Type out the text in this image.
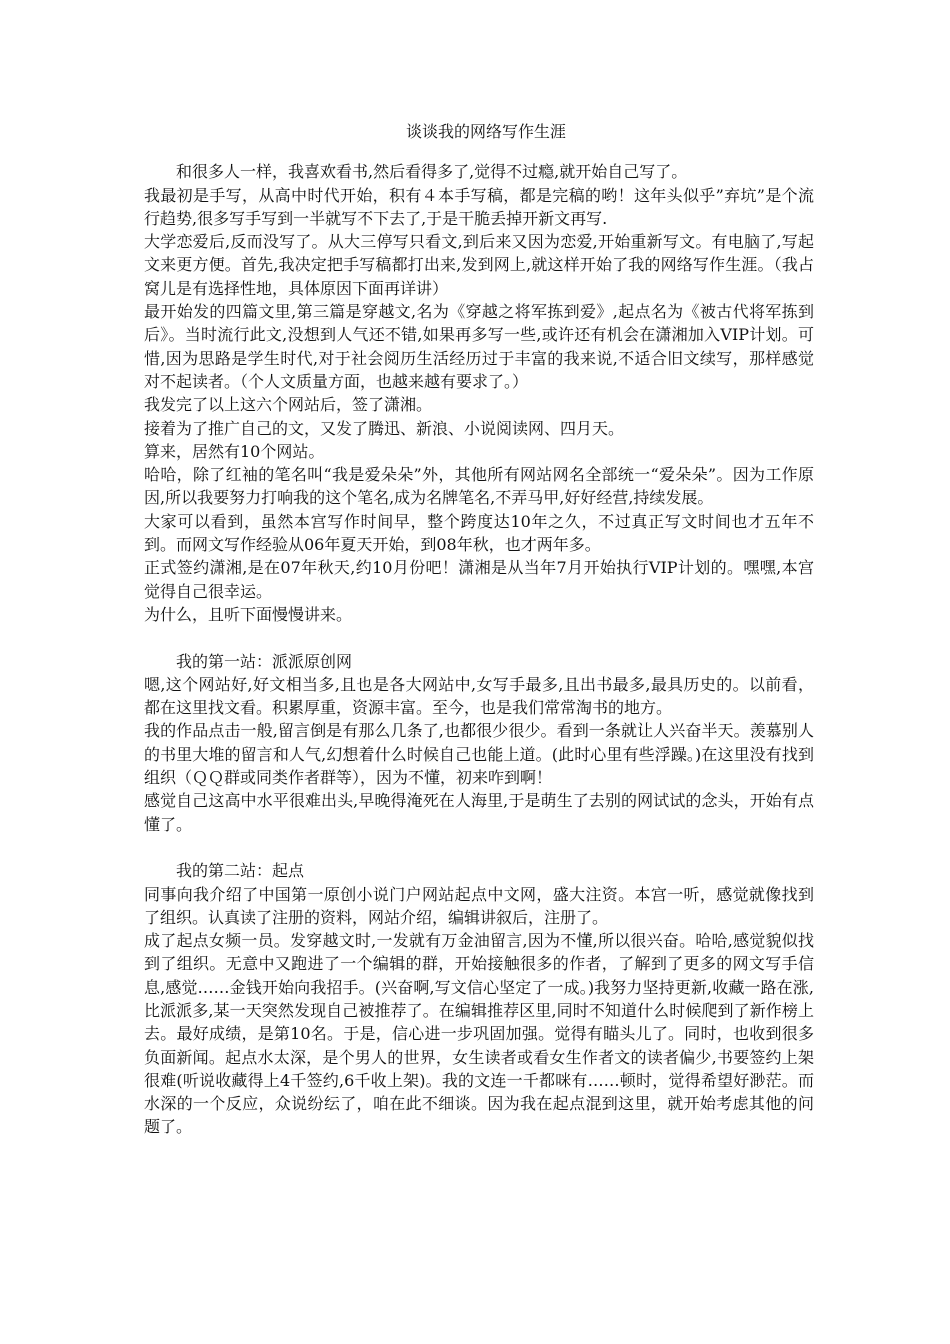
谈谈我的网络写作生涯

和很多人一样，我喜欢看书,然后看得多了,觉得不过瘾,就开始自己写了。

我最初是手写，从高中时代开始，积有４本手写稿，都是完稿的哟！这年头似乎”弃坑”是个流行趋势,很多写手写到一半就写不下去了,于是干脆丢掉开新文再写.

大学恋爱后,反而没写了。从大三停写只看文,到后来又因为恋爱,开始重新写文。有电脑了,写起文来更方便。首先,我决定把手写稿都打出来,发到网上,就这样开始了我的网络写作生涯。（我占窝儿是有选择性地，具体原因下面再详讲）

最开始发的四篇文里,第三篇是穿越文,名为《穿越之将军拣到爱》,起点名为《被古代将军拣到后》。当时流行此文,没想到人气还不错,如果再多写一些,或许还有机会在潇湘加入VIP计划。可惜,因为思路是学生时代,对于社会阅历生活经历过于丰富的我来说,不适合旧文续写，那样感觉对不起读者。（个人文质量方面，也越来越有要求了。）

我发完了以上这六个网站后，签了潇湘。

接着为了推广自己的文，又发了腾迅、新浪、小说阅读网、四月天。

算来，居然有10个网站。

哈哈，除了红袖的笔名叫“我是爱朵朵”外，其他所有网站网名全部统一“爱朵朵”。因为工作原因,所以我要努力打响我的这个笔名,成为名牌笔名,不弄马甲,好好经营,持续发展。

大家可以看到，虽然本宫写作时间早，整个跨度达10年之久，不过真正写文时间也才五年不到。而网文写作经验从06年夏天开始，到08年秋，也才两年多。

正式签约潇湘,是在07年秋天,约10月份吧！潇湘是从当年7月开始执行VIP计划的。嘿嘿,本宫觉得自己很幸运。

为什么，且听下面慢慢讲来。

我的第一站：派派原创网

嗯,这个网站好,好文相当多,且也是各大网站中,女写手最多,且出书最多,最具历史的。以前看，都在这里找文看。积累厚重，资源丰富。至今，也是我们常常淘书的地方。

我的作品点击一般,留言倒是有那么几条了,也都很少很少。看到一条就让人兴奋半天。羡慕别人的书里大堆的留言和人气,幻想着什么时候自己也能上道。(此时心里有些浮躁。)在这里没有找到组织（ＱＱ群或同类作者群等），因为不懂，初来咋到啊！

感觉自己这高中水平很难出头,早晚得淹死在人海里,于是萌生了去别的网试试的念头，开始有点懂了。

我的第二站：起点

同事向我介绍了中国第一原创小说门户网站起点中文网，盛大注资。本宫一听，感觉就像找到了组织。认真读了注册的资料，网站介绍，编辑讲叙后，注册了。

成了起点女频一员。发穿越文时,一发就有万金油留言,因为不懂,所以很兴奋。哈哈,感觉貌似找到了组织。无意中又跑进了一个编辑的群，开始接触很多的作者，了解到了更多的网文写手信息,感觉……金钱开始向我招手。(兴奋啊,写文信心坚定了一成。)我努力坚持更新,收藏一路在涨,比派派多,某一天突然发现自己被推荐了。在编辑推荐区里,同时不知道什么时候爬到了新作榜上去。最好成绩，是第10名。于是，信心进一步巩固加强。觉得有瞄头儿了。同时，也收到很多负面新闻。起点水太深，是个男人的世界，女生读者或看女生作者文的读者偏少,书要签约上架很难(听说收藏得上4千签约,6千收上架)。我的文连一千都咪有……顿时，觉得希望好渺茫。而水深的一个反应，众说纷纭了，咱在此不细谈。因为我在起点混到这里，就开始考虑其他的问题了。
